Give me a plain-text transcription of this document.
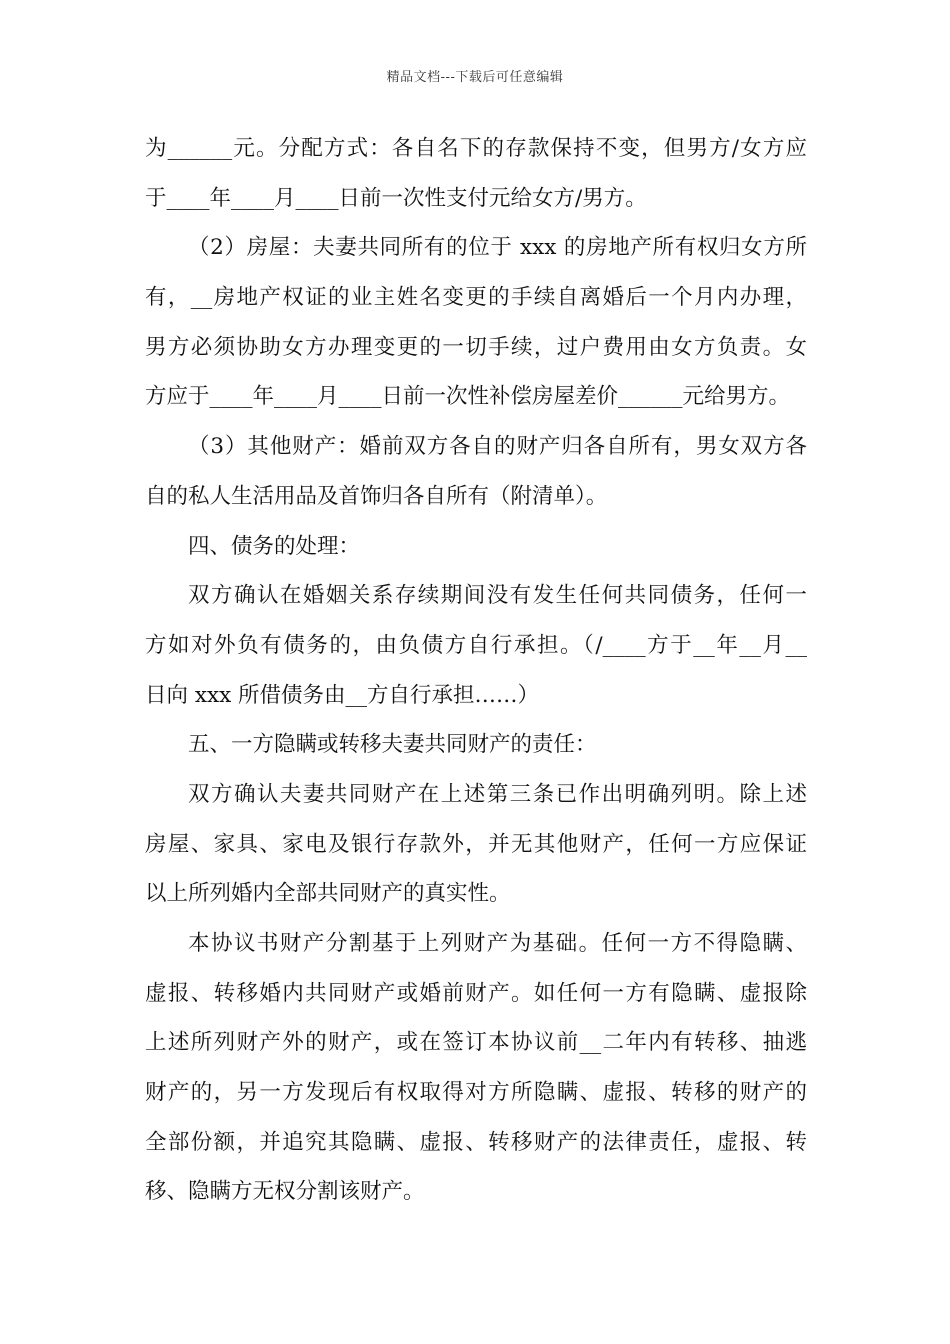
精品文档---下载后可任意编辑
为______元。分配方式：各自名下的存款保持不变，但男方/女方应
于____年____月____日前一次性支付元给女方/男方。
（2）房屋：夫妻共同所有的位于 xxx 的房地产所有权归女方所
有，__房地产权证的业主姓名变更的手续自离婚后一个月内办理，
男方必须协助女方办理变更的一切手续，过户费用由女方负责。女
方应于____年____月____日前一次性补偿房屋差价______元给男方。
（3）其他财产：婚前双方各自的财产归各自所有，男女双方各
自的私人生活用品及首饰归各自所有（附清单）。
四、债务的处理：
双方确认在婚姻关系存续期间没有发生任何共同债务，任何一
方如对外负有债务的，由负债方自行承担。（/____方于__年__月__
日向 xxx 所借债务由__方自行承担……）
五、一方隐瞒或转移夫妻共同财产的责任：
双方确认夫妻共同财产在上述第三条已作出明确列明。除上述
房屋、家具、家电及银行存款外，并无其他财产，任何一方应保证
以上所列婚内全部共同财产的真实性。
本协议书财产分割基于上列财产为基础。任何一方不得隐瞒、
虚报、转移婚内共同财产或婚前财产。如任何一方有隐瞒、虚报除
上述所列财产外的财产，或在签订本协议前__二年内有转移、抽逃
财产的，另一方发现后有权取得对方所隐瞒、虚报、转移的财产的
全部份额，并追究其隐瞒、虚报、转移财产的法律责任，虚报、转
移、隐瞒方无权分割该财产。
